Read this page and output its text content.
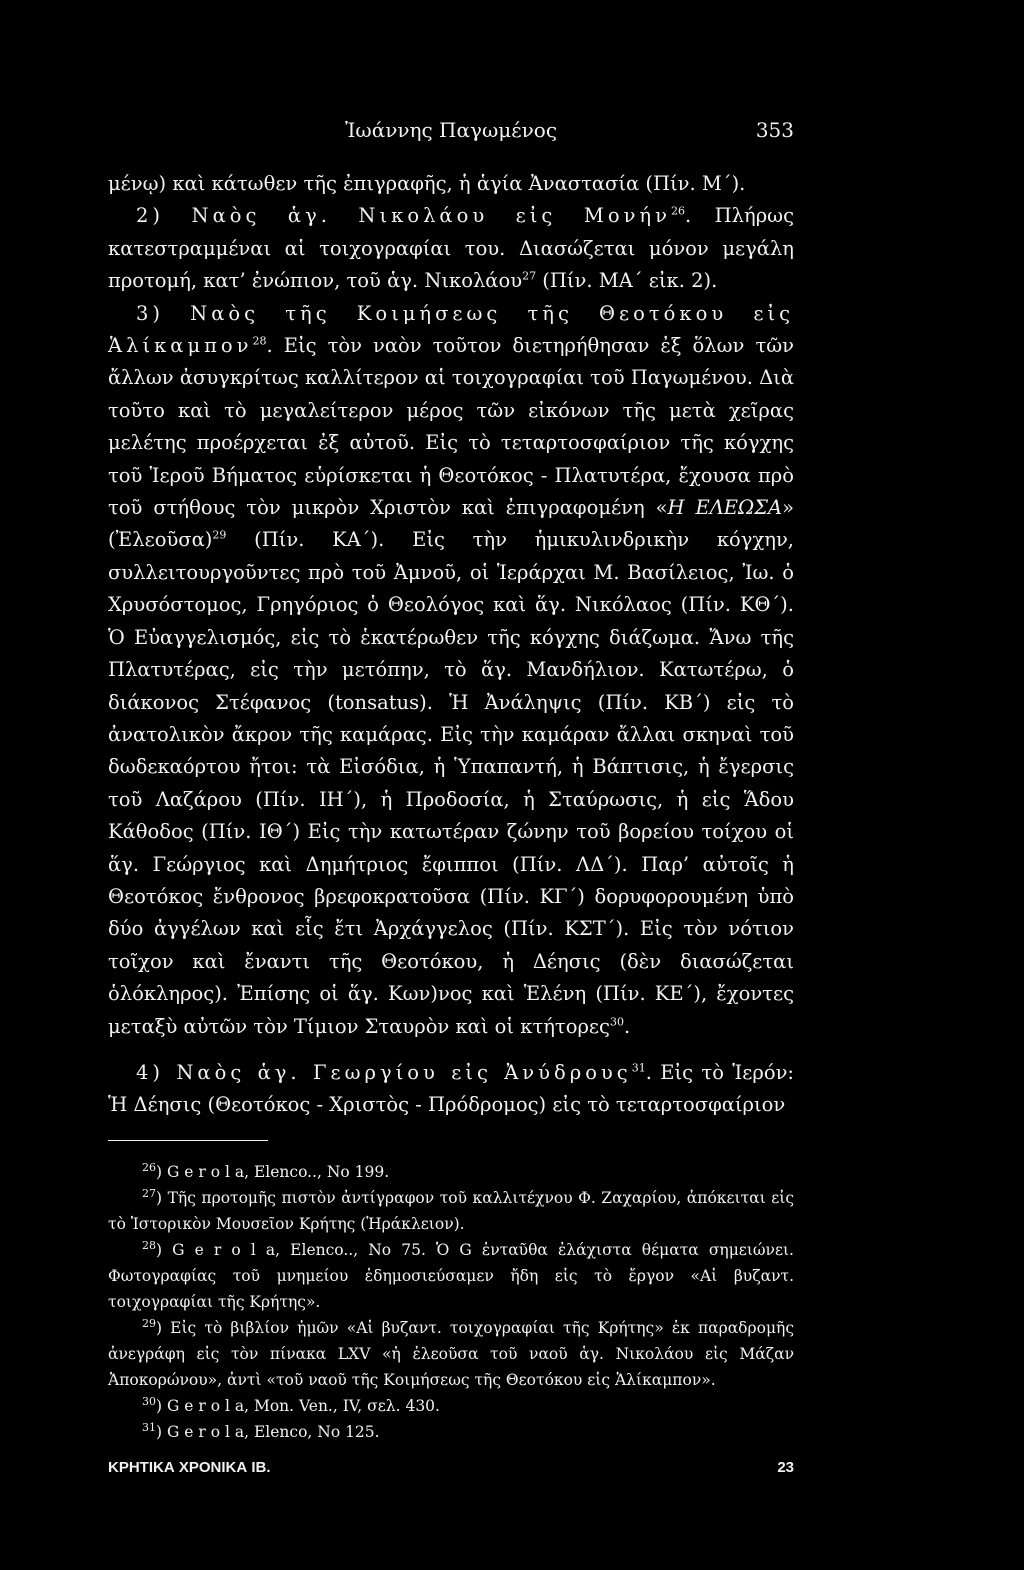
Ἰωάννης Παγωμένος	353

μένῳ) καὶ κάτωθεν τῆς ἐπιγραφῆς, ἡ ἁγία Ἀναστασία (Πίν. Μ΄).

2) Ναὸς ἁγ. Νικολάου εἰς Μονήν$^{26}$. Πλήρως κατεστραμμέναι αἱ τοιχογραφίαι του. Διασώζεται μόνον μεγάλη προτομή, κατ’ ἐνώπιον, τοῦ ἁγ. Νικολάου$^{27}$ (Πίν. ΜΑ΄ εἰκ. 2).

3) Ναὸς τῆς Κοιμήσεως τῆς Θεοτόκου εἰς Ἁλίκαμπον$^{28}$. Εἰς τὸν ναὸν τοῦτον διετηρήθησαν ἐξ ὅλων τῶν ἄλλων ἀσυγκρίτως καλλίτερον αἱ τοιχογραφίαι τοῦ Παγωμένου. Διὰ τοῦτο καὶ τὸ μεγαλείτερον μέρος τῶν εἰκόνων τῆς μετὰ χεῖρας μελέτης προέρχεται ἐξ αὐτοῦ. Εἰς τὸ τεταρτοσφαίριον τῆς κόγχης τοῦ Ἱεροῦ Βήματος εὑρίσκεται ἡ Θεοτόκος - Πλατυτέρα, ἔχουσα πρὸ τοῦ στήθους τὸν μικρὸν Χριστὸν καὶ ἐπιγραφομένη «Η ΕΛΕΩΣΑ» (Ἐλεοῦσα)$^{29}$ (Πίν. ΚΑ΄). Εἰς τὴν ἡμικυλινδρικὴν κόγχην, συλλειτουργοῦντες πρὸ τοῦ Ἀμνοῦ, οἱ Ἱεράρχαι Μ. Βασίλειος, Ἰω. ὁ Χρυσόστομος, Γρηγόριος ὁ Θεολόγος καὶ ἅγ. Νικόλαος (Πίν. ΚΘ΄). Ὁ Εὐαγγελισμός, εἰς τὸ ἑκατέρωθεν τῆς κόγχης διάζωμα. Ἄνω τῆς Πλατυτέρας, εἰς τὴν μετόπην, τὸ ἅγ. Μανδήλιον. Κατωτέρω, ὁ διάκονος Στέφανος (tonsatus). Ἡ Ἀνάληψις (Πίν. ΚΒ΄) εἰς τὸ ἀνατολικὸν ἄκρον τῆς καμάρας. Εἰς τὴν καμάραν ἄλλαι σκηναὶ τοῦ δωδεκαόρτου ἤτοι: τὰ Εἰσόδια, ἡ Ὑπαπαντή, ἡ Βάπτισις, ἡ ἔγερσις τοῦ Λαζάρου (Πίν. ΙΗ΄), ἡ Προδοσία, ἡ Σταύρωσις, ἡ εἰς Ἅδου Κάθοδος (Πίν. ΙΘ΄) Εἰς τὴν κατωτέραν ζώνην τοῦ βορείου τοίχου οἱ ἅγ. Γεώργιος καὶ Δημήτριος ἔφιπποι (Πίν. ΛΔ΄). Παρ’ αὐτοῖς ἡ Θεοτόκος ἔνθρονος βρεφοκρατοῦσα (Πίν. ΚΓ΄) δορυφορουμένη ὑπὸ δύο ἀγγέλων καὶ εἷς ἔτι Ἀρχάγγελος (Πίν. ΚΣΤ΄). Εἰς τὸν νότιον τοῖχον καὶ ἔναντι τῆς Θεοτόκου, ἡ Δέησις (δὲν διασώζεται ὁλόκληρος). Ἐπίσης οἱ ἅγ. Κων)νος καὶ Ἑλένη (Πίν. ΚΕ΄), ἔχοντες μεταξὺ αὐτῶν τὸν Τίμιον Σταυρὸν καὶ οἱ κτήτορες$^{30}$.

4) Ναὸς ἁγ. Γεωργίου εἰς Ἀνύδρους$^{31}$. Εἰς τὸ Ἱερόν: Ἡ Δέησις (Θεοτόκος - Χριστὸς - Πρόδρομος) εἰς τὸ τεταρτοσφαίριον

$^{26}$) G e r o l a, Elenco.., No 199.

$^{27}$) Τῆς προτομῆς πιστὸν ἀντίγραφον τοῦ καλλιτέχνου Φ. Ζαχαρίου, ἀπόκειται εἰς τὸ Ἱστορικὸν Μουσεῖον Κρήτης (Ἡράκλειον).

$^{28}$) G e r o l a, Elenco.., No 75. Ὁ G ἐνταῦθα ἐλάχιστα θέματα σημειώνει. Φωτογραφίας τοῦ μνημείου ἐδημοσιεύσαμεν ἤδη εἰς τὸ ἔργον «Αἱ βυζαντ. τοιχογραφίαι τῆς Κρήτης».

$^{29}$) Εἰς τὸ βιβλίον ἡμῶν «Αἱ βυζαντ. τοιχογραφίαι τῆς Κρήτης» ἐκ παραδρομῆς ἀνεγράφη εἰς τὸν πίνακα LXV «ἡ ἐλεοῦσα τοῦ ναοῦ ἁγ. Νικολάου εἰς Μάζαν Ἀποκορώνου», ἀντὶ «τοῦ ναοῦ τῆς Κοιμήσεως τῆς Θεοτόκου εἰς Ἁλίκαμπον».

$^{30}$) G e r o l a, Mon. Ven., IV, σελ. 430.

$^{31}$) G e r o l a, Elenco, No 125.

ΚΡΗΤΙΚΑ ΧΡΟΝΙΚΑ ΙΒ.	23
